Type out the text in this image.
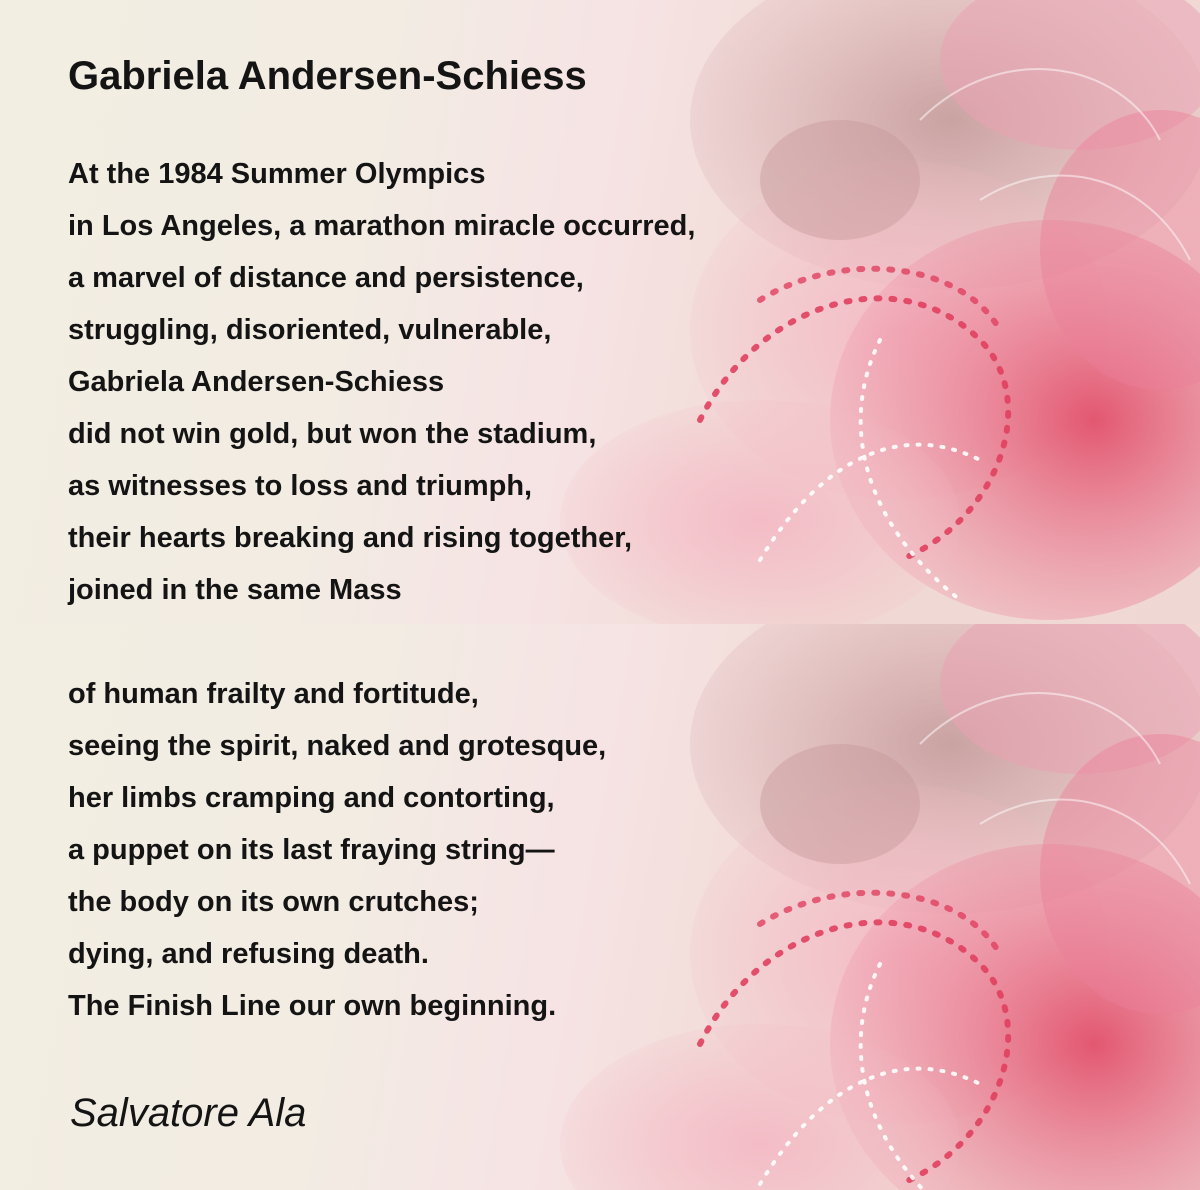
Gabriela Andersen-Schiess
At the 1984 Summer Olympics
in Los Angeles, a marathon miracle occurred,
a marvel of distance and persistence,
struggling, disoriented, vulnerable,
Gabriela Andersen-Schiess
did not win gold, but won the stadium,
as witnesses to loss and triumph,
their hearts breaking and rising together,
joined in the same Mass
of human frailty and fortitude,
seeing the spirit, naked and grotesque,
her limbs cramping and contorting,
a puppet on its last fraying string—
the body on its own crutches;
dying, and refusing death.
The Finish Line our own beginning.
Salvatore Ala
